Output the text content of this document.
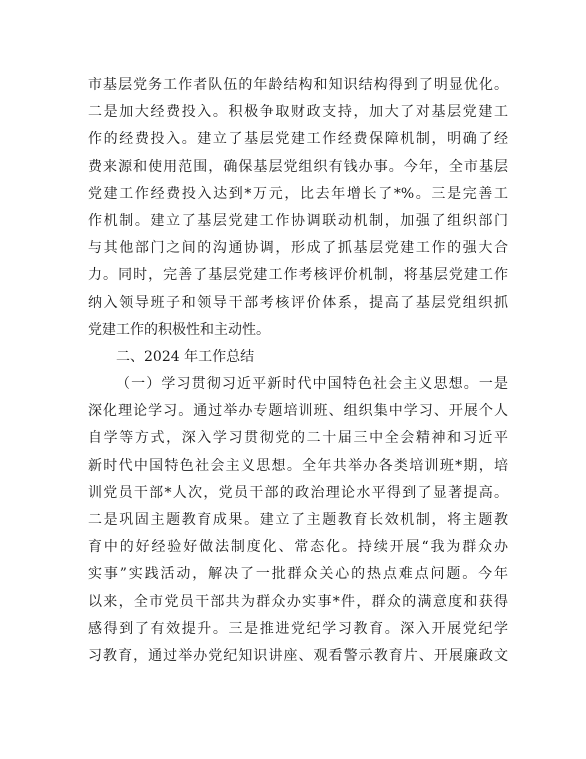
市基层党务工作者队伍的年龄结构和知识结构得到了明显优化。
二是加大经费投入。积极争取财政支持，加大了对基层党建工
作的经费投入。建立了基层党建工作经费保障机制，明确了经
费来源和使用范围，确保基层党组织有钱办事。今年，全市基层
党建工作经费投入达到*万元，比去年增长了*%。三是完善工
作机制。建立了基层党建工作协调联动机制，加强了组织部门
与其他部门之间的沟通协调，形成了抓基层党建工作的强大合
力。同时，完善了基层党建工作考核评价机制，将基层党建工作
纳入领导班子和领导干部考核评价体系，提高了基层党组织抓
党建工作的积极性和主动性。
二、2024 年工作总结
（一）学习贯彻习近平新时代中国特色社会主义思想。一是
深化理论学习。通过举办专题培训班、组织集中学习、开展个人
自学等方式，深入学习贯彻党的二十届三中全会精神和习近平
新时代中国特色社会主义思想。全年共举办各类培训班*期，培
训党员干部*人次，党员干部的政治理论水平得到了显著提高。
二是巩固主题教育成果。建立了主题教育长效机制，将主题教
育中的好经验好做法制度化、常态化。持续开展“我为群众办
实事”实践活动，解决了一批群众关心的热点难点问题。今年
以来，全市党员干部共为群众办实事*件，群众的满意度和获得
感得到了有效提升。三是推进党纪学习教育。深入开展党纪学
习教育，通过举办党纪知识讲座、观看警示教育片、开展廉政文
